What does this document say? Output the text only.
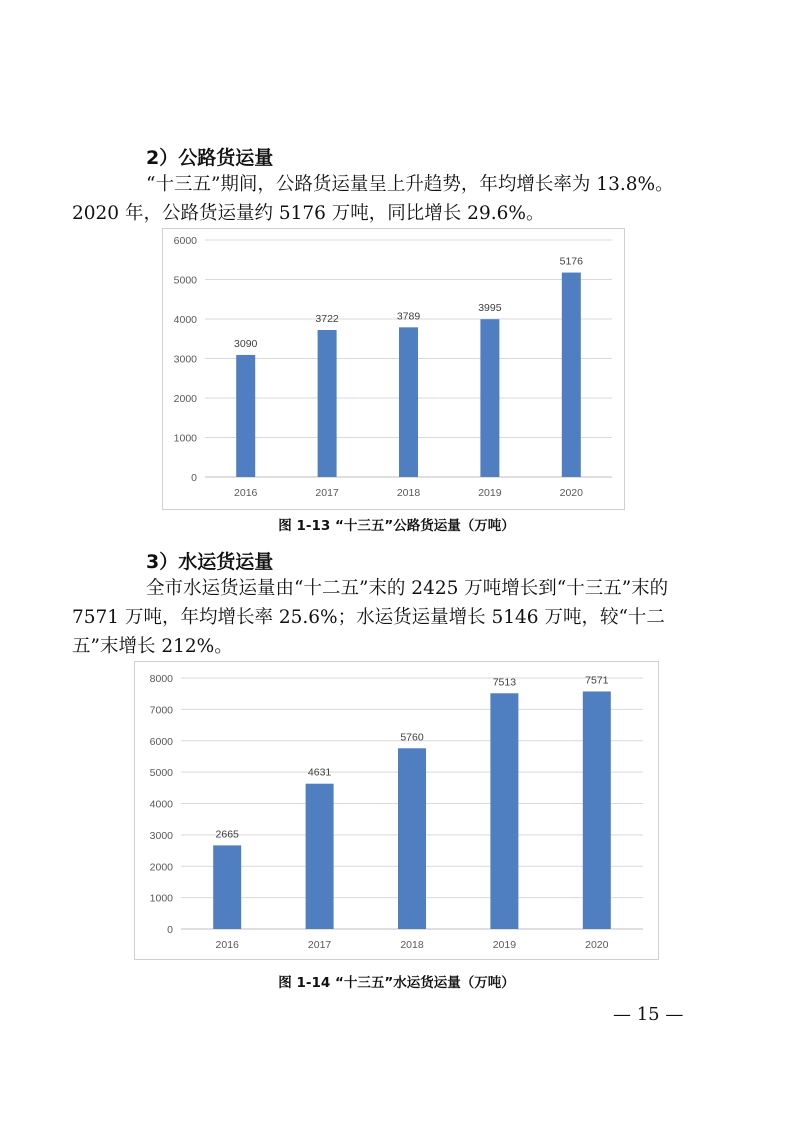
2）公路货运量
“十三五”期间，公路货运量呈上升趋势，年均增长率为 13.8%。
2020 年，公路货运量约 5176 万吨，同比增长 29.6%。
0
1000
2000
3000
4000
5000
6000
3090
2016
3722
2017
3789
2018
3995
2019
5176
2020
图 1-13 “十三五”公路货运量（万吨）
3）水运货运量
全市水运货运量由“十二五”末的 2425 万吨增长到“十三五”末的
7571 万吨，年均增长率 25.6%；水运货运量增长 5146 万吨，较“十二
五”末增长 212%。
0
1000
2000
3000
4000
5000
6000
7000
8000
2665
2016
4631
2017
5760
2018
7513
2019
7571
2020
图 1-14 “十三五”水运货运量（万吨）
— 15 —
